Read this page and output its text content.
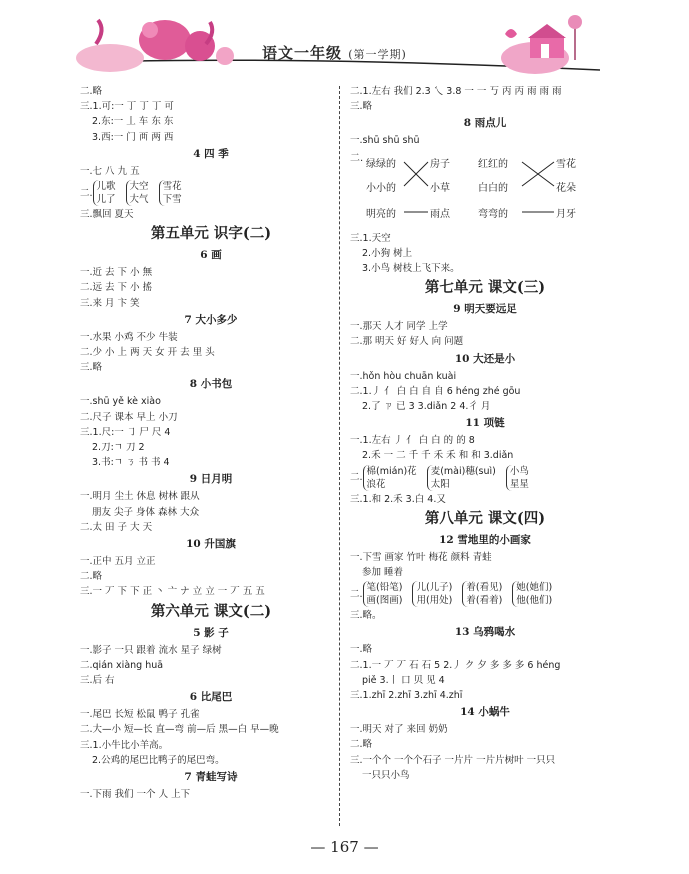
语文一年级 (第一学期)
二.略
三.1.可:一 丁 丁 丁 可
2.东:一 丄 车 东 东
3.西:一 门 襾 两 西
4 四 季
一.七 八 九 五
二.
儿歌
儿了
大空
大气
雪花
下雪
三.飘回 夏天
第五单元 识字(二)
6 画
一.近 去 下 小 無
二.远 去 下 小 搖
三.来 月 卞 笑
7 大小多少
一.水果 小鸡 不少 牛装
二.少 小 上 两 天 女 开 去 里 头
三.略
8 小书包
一.shū yě kè xiào
二.尺子 课本 早上 小刀
三.1.尺:一 ㇆ 尸 尺 4
2.刀:ㄱ 刀 2
3.书:ㄱ ㄋ 书 书 4
9 日月明
一.明月 尘土 休息 树林 跟从
朋友 尖子 身体 森林 大众
二.太 田 子 大 天
10 升国旗
一.正中 五月 立正
二.略
三.一 丆 下 下 正 丶 亠 ナ 立 立 一 丆 五 五
第六单元 课文(二)
5 影 子
一.影子 一只 跟着 流水 星子 绿树
二.qián xiàng huā
三.后 右
6 比尾巴
一.尾巴 长短 松鼠 鸭子 孔雀
二.大—小 短—长 直—弯 前—后 黑—白 早—晚
三.1.小牛比小羊高。
2.公鸡的尾巴比鸭子的尾巴弯。
7 青蛙写诗
一.下雨 我们 一个 人 上下
二.1.左右 我们 2.3 乀 3.8 一 一 丂 丙 丙 雨 雨 雨
三.略
8 雨点儿
一.shū shū shū
二.
绿绿的
小小的
明亮的
房子
小草
雨点
红红的
白白的
弯弯的
雪花
花朵
月牙
三.1.天空
2.小狗 树上
3.小鸟 树枝上飞下来。
第七单元 课文(三)
9 明天要远足
一.那天 人才 同学 上学
二.那 明天 好 好人 向 问题
10 大还是小
一.hǒn hòu chuān kuài
二.1.丿 亻 白 白 自 自 6 héng zhé gōu
2.了 ㄗ 已 3 3.diǎn 2 4.彳 月
11 项链
一.1.左右 丿 亻 白 白 的 的 8
2.禾 一 二 千 千 禾 禾 和 和 3.diǎn
二.
棉(mián)花
浪花
麦(mài)穗(suì)
太阳
小鸟
星星
三.1.和 2.禾 3.白 4.又
第八单元 课文(四)
12 雪地里的小画家
一.下雪 画家 竹叶 梅花 颜料 青蛙
参加 睡着
二.
笔(铅笔)
画(图画)
儿(儿子)
用(用处)
着(看见)
着(看着)
她(她们)
他(他们)
三.略。
13 乌鸦喝水
一.略
二.1.一 丆 丆 石 石 5 2.丿 ク 夕 多 多 多 6 héng
piě 3.丨 口 贝 见 4
三.1.zhī 2.zhī 3.zhī 4.zhī
14 小蜗牛
一.明天 对了 来回 奶奶
二.略
三.一个个 一个个石子 一片片 一片片树叶 一只只
一只只小鸟
— 167 —
